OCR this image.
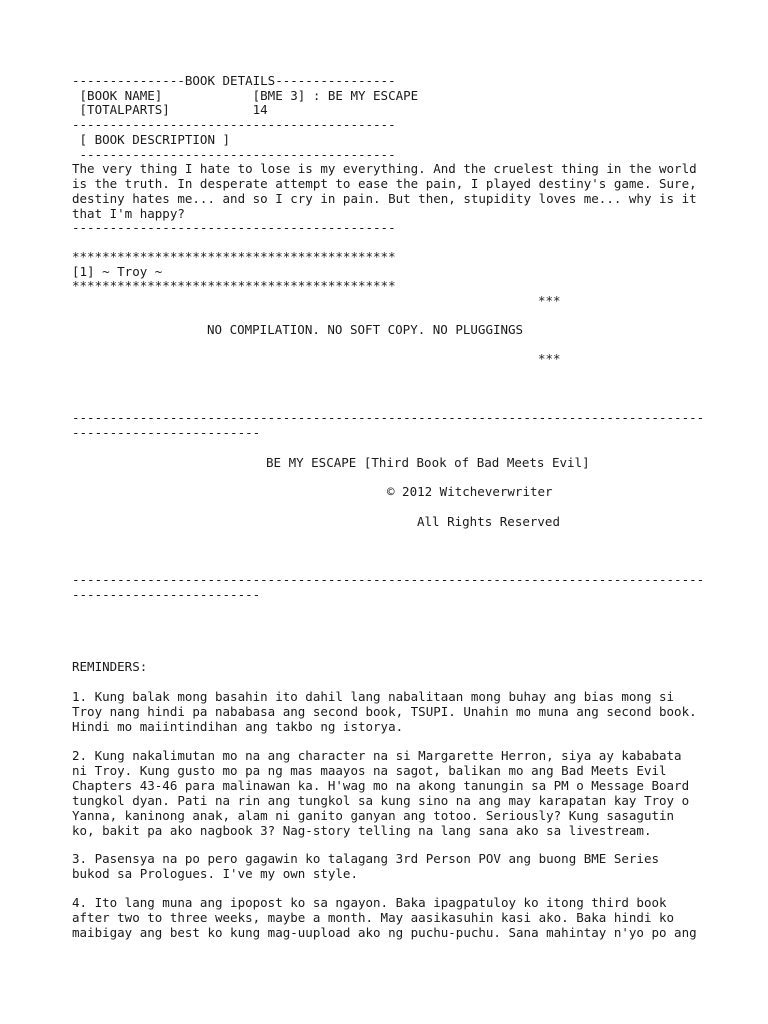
---------------BOOK DETAILS----------------
[BOOK NAME]            [BME 3] : BE MY ESCAPE
[TOTALPARTS]           14
-------------------------------------------
[ BOOK DESCRIPTION ]
------------------------------------------
The very thing I hate to lose is my everything. And the cruelest thing in the world
is the truth. In desperate attempt to ease the pain, I played destiny's game. Sure,
destiny hates me... and so I cry in pain. But then, stupidity loves me... why is it
that I'm happy?
-------------------------------------------
*******************************************
[1] ~ Troy ~
*******************************************
***
NO COMPILATION. NO SOFT COPY. NO PLUGGINGS
***
------------------------------------------------------------------------------------
-------------------------
BE MY ESCAPE [Third Book of Bad Meets Evil]
© 2012 Witcheverwriter
All Rights Reserved
------------------------------------------------------------------------------------
-------------------------
REMINDERS:
1. Kung balak mong basahin ito dahil lang nabalitaan mong buhay ang bias mong si
Troy nang hindi pa nababasa ang second book, TSUPI. Unahin mo muna ang second book.
Hindi mo maiintindihan ang takbo ng istorya.
2. Kung nakalimutan mo na ang character na si Margarette Herron, siya ay kababata
ni Troy. Kung gusto mo pa ng mas maayos na sagot, balikan mo ang Bad Meets Evil
Chapters 43-46 para malinawan ka. H'wag mo na akong tanungin sa PM o Message Board
tungkol dyan. Pati na rin ang tungkol sa kung sino na ang may karapatan kay Troy o
Yanna, kaninong anak, alam ni ganito ganyan ang totoo. Seriously? Kung sasagutin
ko, bakit pa ako nagbook 3? Nag-story telling na lang sana ako sa livestream.
3. Pasensya na po pero gagawin ko talagang 3rd Person POV ang buong BME Series
bukod sa Prologues. I've my own style.
4. Ito lang muna ang ipopost ko sa ngayon. Baka ipagpatuloy ko itong third book
after two to three weeks, maybe a month. May aasikasuhin kasi ako. Baka hindi ko
maibigay ang best ko kung mag-uupload ako ng puchu-puchu. Sana mahintay n'yo po ang
